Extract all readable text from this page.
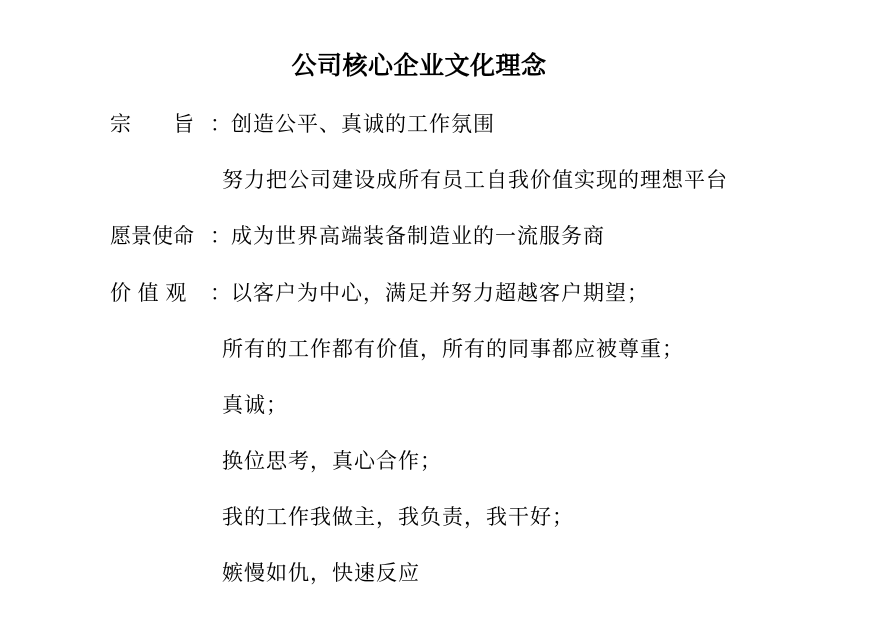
公司核心企业文化理念
宗　　旨 ： 创造公平、真诚的工作氛围
努力把公司建设成所有员工自我价值实现的理想平台
愿景使命 ： 成为世界高端装备制造业的一流服务商
价 值 观 ： 以客户为中心，满足并努力超越客户期望；
所有的工作都有价值，所有的同事都应被尊重；
真诚；
换位思考，真心合作；
我的工作我做主，我负责，我干好；
嫉慢如仇，快速反应
